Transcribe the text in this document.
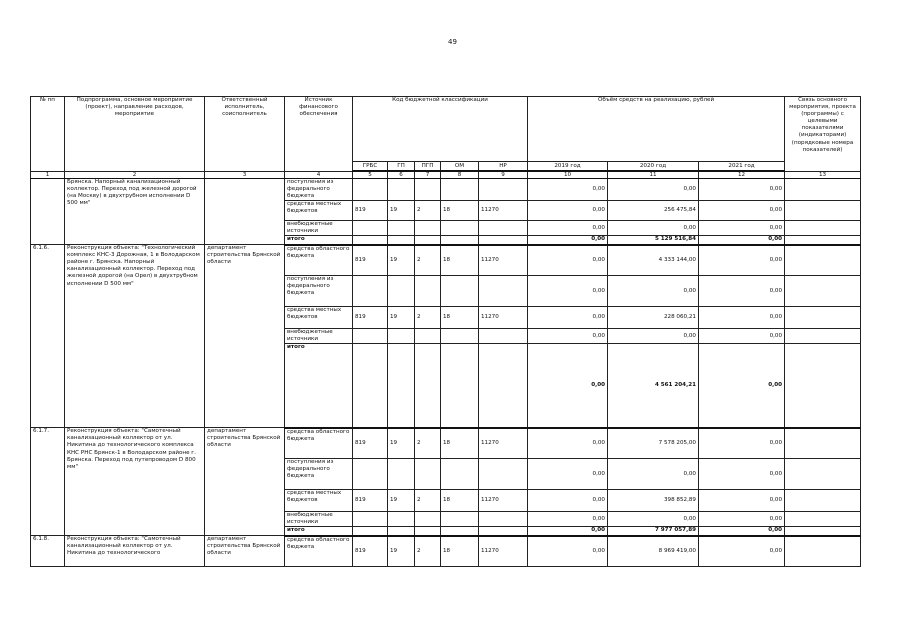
49
№ пп	Подпрограмма, основное мероприятие (проект), направление расходов, мероприятие	Ответственный исполнитель, соисполнитель	Источник финансового обеспечения	Код бюджетной классификации					Объём средств на реализацию, рублей			Связь основного мероприятия, проекта (программы) с целевыми показателями (индикаторами) (порядковые номера показателей)
				ГРБС	ГП	ПГП	ОМ	НР	2019 год	2020 год	2021 год	
1	2	3	4	5	6	7	8	9	10	11	12	13
	Брянска. Напорный канализационный коллектор. Переход под железной дорогой (на Москву) в двухтрубном исполнении D 500 мм"		поступления из федерального бюджета						0,00	0,00	0,00	
			средства местных бюджетов	819	19	2	18	11270	0,00	256 475,84	0,00	
			внебюджетные источники						0,00	0,00	0,00	
			итого						0,00	5 129 516,84	0,00	
6.1.6.	Реконструкция объекта: "Технологический комплекс КНС-3 Дорожная, 1 в Володарском районе г. Брянска. Напорный канализационный коллектор. Переход под железной дорогой (на Орел) в двухтрубном исполнении D 500 мм"	департамент строительства Брянской области	средства областного бюджета	819	19	2	18	11270	0,00	4 333 144,00	0,00	
			поступления из федерального бюджета						0,00	0,00	0,00	
			средства местных бюджетов	819	19	2	18	11270	0,00	228 060,21	0,00	
			внебюджетные источники						0,00	0,00	0,00	
			итого						0,00	4 561 204,21	0,00	
6.1.7.	Реконструкция объекта: "Самотечный канализационный коллектор от ул. Никитина до технологического комплекса КНС РНС Брянск-1 в Володарском районе г. Брянска. Переход под путепроводом D 800 мм"	департамент строительства Брянской области	средства областного бюджета	819	19	2	18	11270	0,00	7 578 205,00	0,00	
			поступления из федерального бюджета						0,00	0,00	0,00	
			средства местных бюджетов	819	19	2	18	11270	0,00	398 852,89	0,00	
			внебюджетные источники						0,00	0,00	0,00	
			итого						0,00	7 977 057,89	0,00	
6.1.8.	Реконструкция объекта: "Самотечный канализационный коллектор от ул. Никитина до технологического	департамент строительства Брянской области	средства областного бюджета	819	19	2	18	11270	0,00	8 969 419,00	0,00	
